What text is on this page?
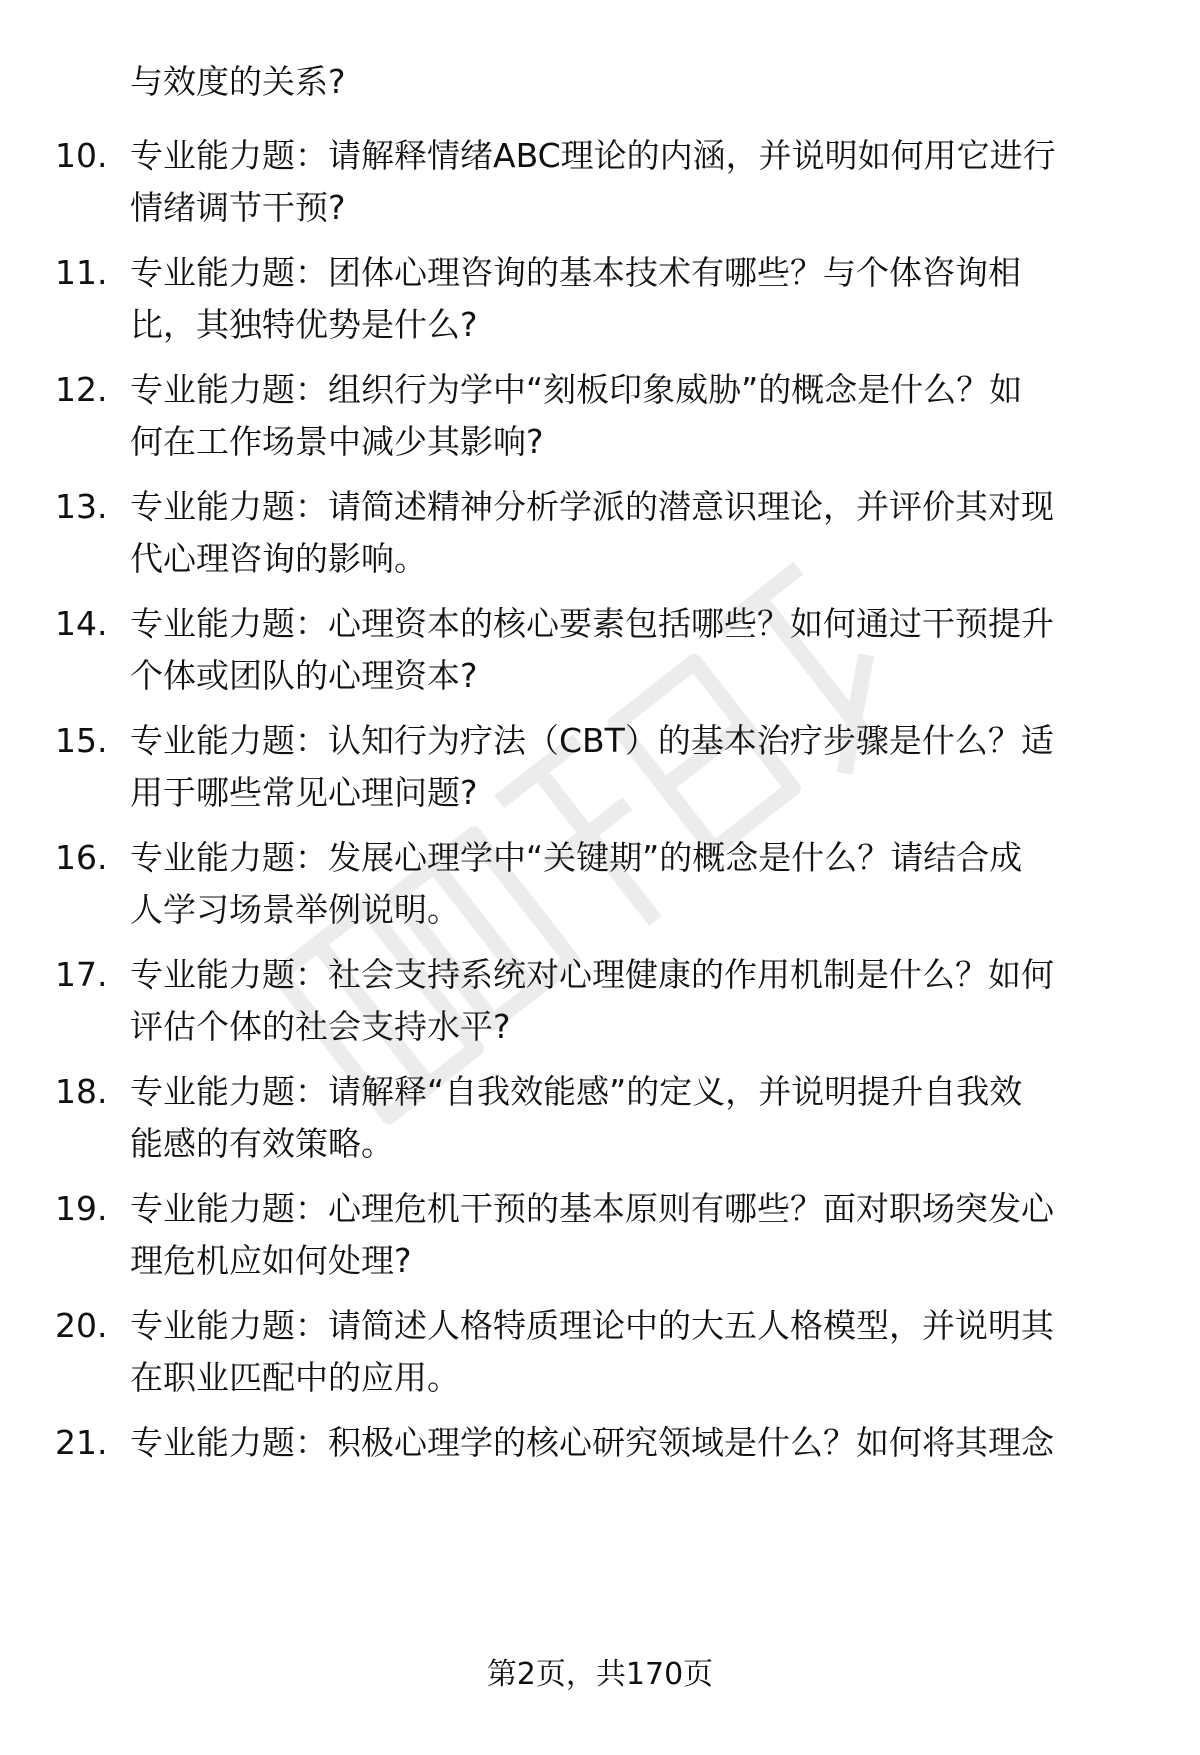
与效度的关系?
10. 专业能力题：请解释情绪ABC理论的内涵，并说明如何用它进行
情绪调节干预?
11. 专业能力题：团体心理咨询的基本技术有哪些？与个体咨询相
比，其独特优势是什么?
12. 专业能力题：组织行为学中“刻板印象威胁”的概念是什么？如
何在工作场景中减少其影响?
13. 专业能力题：请简述精神分析学派的潜意识理论，并评价其对现
代心理咨询的影响。
14. 专业能力题：心理资本的核心要素包括哪些？如何通过干预提升
个体或团队的心理资本?
15. 专业能力题：认知行为疗法（CBT）的基本治疗步骤是什么？适
用于哪些常见心理问题?
16. 专业能力题：发展心理学中“关键期”的概念是什么？请结合成
人学习场景举例说明。
17. 专业能力题：社会支持系统对心理健康的作用机制是什么？如何
评估个体的社会支持水平?
18. 专业能力题：请解释“自我效能感”的定义，并说明提升自我效
能感的有效策略。
19. 专业能力题：心理危机干预的基本原则有哪些？面对职场突发心
理危机应如何处理?
20. 专业能力题：请简述人格特质理论中的大五人格模型，并说明其
在职业匹配中的应用。
21. 专业能力题：积极心理学的核心研究领域是什么？如何将其理念
第2页，共170页
